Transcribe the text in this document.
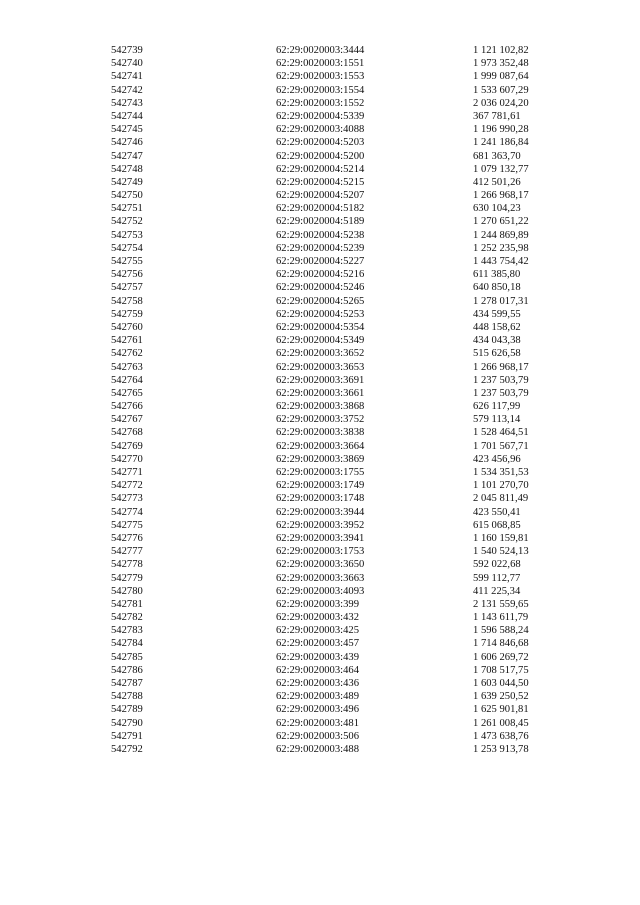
542739	62:29:0020003:3444	1 121 102,82
542740	62:29:0020003:1551	1 973 352,48
542741	62:29:0020003:1553	1 999 087,64
542742	62:29:0020003:1554	1 533 607,29
542743	62:29:0020003:1552	2 036 024,20
542744	62:29:0020004:5339	367 781,61
542745	62:29:0020003:4088	1 196 990,28
542746	62:29:0020004:5203	1 241 186,84
542747	62:29:0020004:5200	681 363,70
542748	62:29:0020004:5214	1 079 132,77
542749	62:29:0020004:5215	412 501,26
542750	62:29:0020004:5207	1 266 968,17
542751	62:29:0020004:5182	630 104,23
542752	62:29:0020004:5189	1 270 651,22
542753	62:29:0020004:5238	1 244 869,89
542754	62:29:0020004:5239	1 252 235,98
542755	62:29:0020004:5227	1 443 754,42
542756	62:29:0020004:5216	611 385,80
542757	62:29:0020004:5246	640 850,18
542758	62:29:0020004:5265	1 278 017,31
542759	62:29:0020004:5253	434 599,55
542760	62:29:0020004:5354	448 158,62
542761	62:29:0020004:5349	434 043,38
542762	62:29:0020003:3652	515 626,58
542763	62:29:0020003:3653	1 266 968,17
542764	62:29:0020003:3691	1 237 503,79
542765	62:29:0020003:3661	1 237 503,79
542766	62:29:0020003:3868	626 117,99
542767	62:29:0020003:3752	579 113,14
542768	62:29:0020003:3838	1 528 464,51
542769	62:29:0020003:3664	1 701 567,71
542770	62:29:0020003:3869	423 456,96
542771	62:29:0020003:1755	1 534 351,53
542772	62:29:0020003:1749	1 101 270,70
542773	62:29:0020003:1748	2 045 811,49
542774	62:29:0020003:3944	423 550,41
542775	62:29:0020003:3952	615 068,85
542776	62:29:0020003:3941	1 160 159,81
542777	62:29:0020003:1753	1 540 524,13
542778	62:29:0020003:3650	592 022,68
542779	62:29:0020003:3663	599 112,77
542780	62:29:0020003:4093	411 225,34
542781	62:29:0020003:399	2 131 559,65
542782	62:29:0020003:432	1 143 611,79
542783	62:29:0020003:425	1 596 588,24
542784	62:29:0020003:457	1 714 846,68
542785	62:29:0020003:439	1 606 269,72
542786	62:29:0020003:464	1 708 517,75
542787	62:29:0020003:436	1 603 044,50
542788	62:29:0020003:489	1 639 250,52
542789	62:29:0020003:496	1 625 901,81
542790	62:29:0020003:481	1 261 008,45
542791	62:29:0020003:506	1 473 638,76
542792	62:29:0020003:488	1 253 913,78
